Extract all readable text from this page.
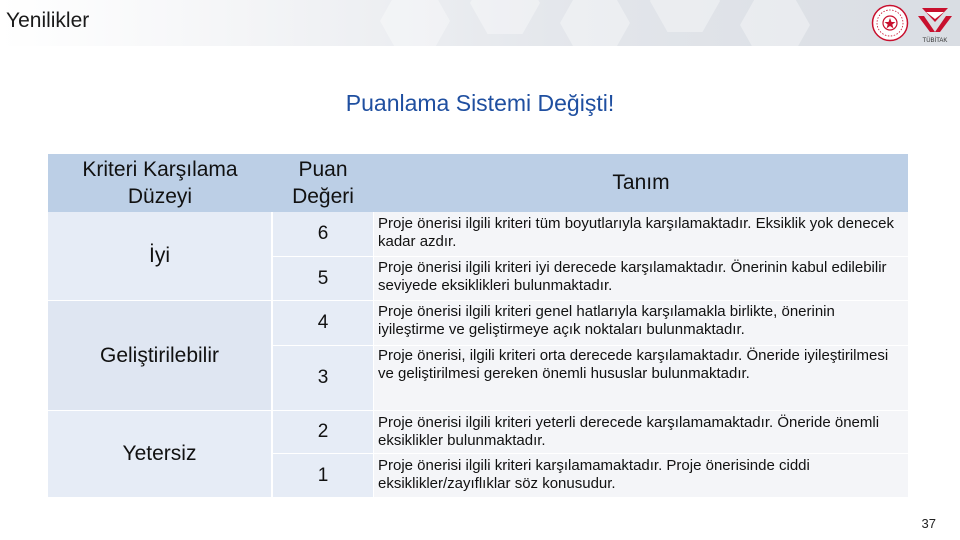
Yenilikler
TÜBİTAK
Puanlama Sistemi Değişti!
Kriteri Karşılama Düzeyi
Puan Değeri
Tanım
İyi
Geliştirilebilir
Yetersiz
6
5
4
3
2
1
Proje önerisi ilgili kriteri tüm boyutlarıyla karşılamaktadır. Eksiklik yok denecek kadar azdır.
Proje önerisi ilgili kriteri iyi derecede karşılamaktadır. Önerinin kabul edilebilir seviyede eksiklikleri bulunmaktadır.
Proje önerisi ilgili kriteri genel hatlarıyla karşılamakla birlikte, önerinin iyileştirme ve geliştirmeye açık noktaları bulunmaktadır.
Proje önerisi, ilgili kriteri orta derecede karşılamaktadır. Öneride iyileştirilmesi ve geliştirilmesi gereken önemli hususlar bulunmaktadır.
Proje önerisi ilgili kriteri yeterli derecede karşılamamaktadır. Öneride önemli eksiklikler bulunmaktadır.
Proje önerisi ilgili kriteri karşılamamaktadır. Proje önerisinde ciddi eksiklikler/zayıflıklar söz konusudur.
37
